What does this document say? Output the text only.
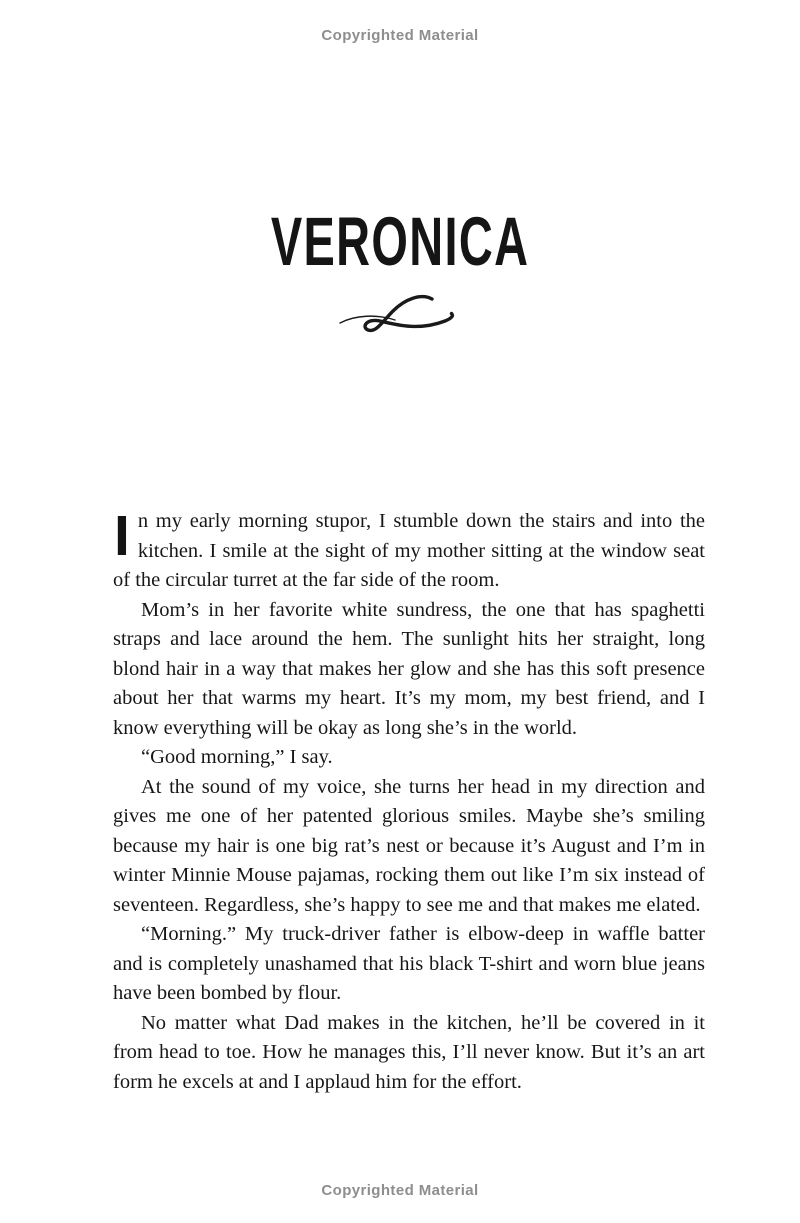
Copyrighted Material
VERONICA

In my early morning stupor, I stumble down the stairs and into the kitchen. I smile at the sight of my mother sitting at the window seat of the circular turret at the far side of the room.

Mom’s in her favorite white sundress, the one that has spaghetti straps and lace around the hem. The sunlight hits her straight, long blond hair in a way that makes her glow and she has this soft presence about her that warms my heart. It’s my mom, my best friend, and I know everything will be okay as long she’s in the world.

“Good morning,” I say.

At the sound of my voice, she turns her head in my direction and gives me one of her patented glorious smiles. Maybe she’s smiling because my hair is one big rat’s nest or because it’s August and I’m in winter Minnie Mouse pajamas, rocking them out like I’m six instead of seventeen. Regardless, she’s happy to see me and that makes me elated.

“Morning.” My truck-driver father is elbow-deep in waffle batter and is completely unashamed that his black T-shirt and worn blue jeans have been bombed by flour.

No matter what Dad makes in the kitchen, he’ll be covered in it from head to toe. How he manages this, I’ll never know. But it’s an art form he excels at and I applaud him for the effort.

Copyrighted Material
